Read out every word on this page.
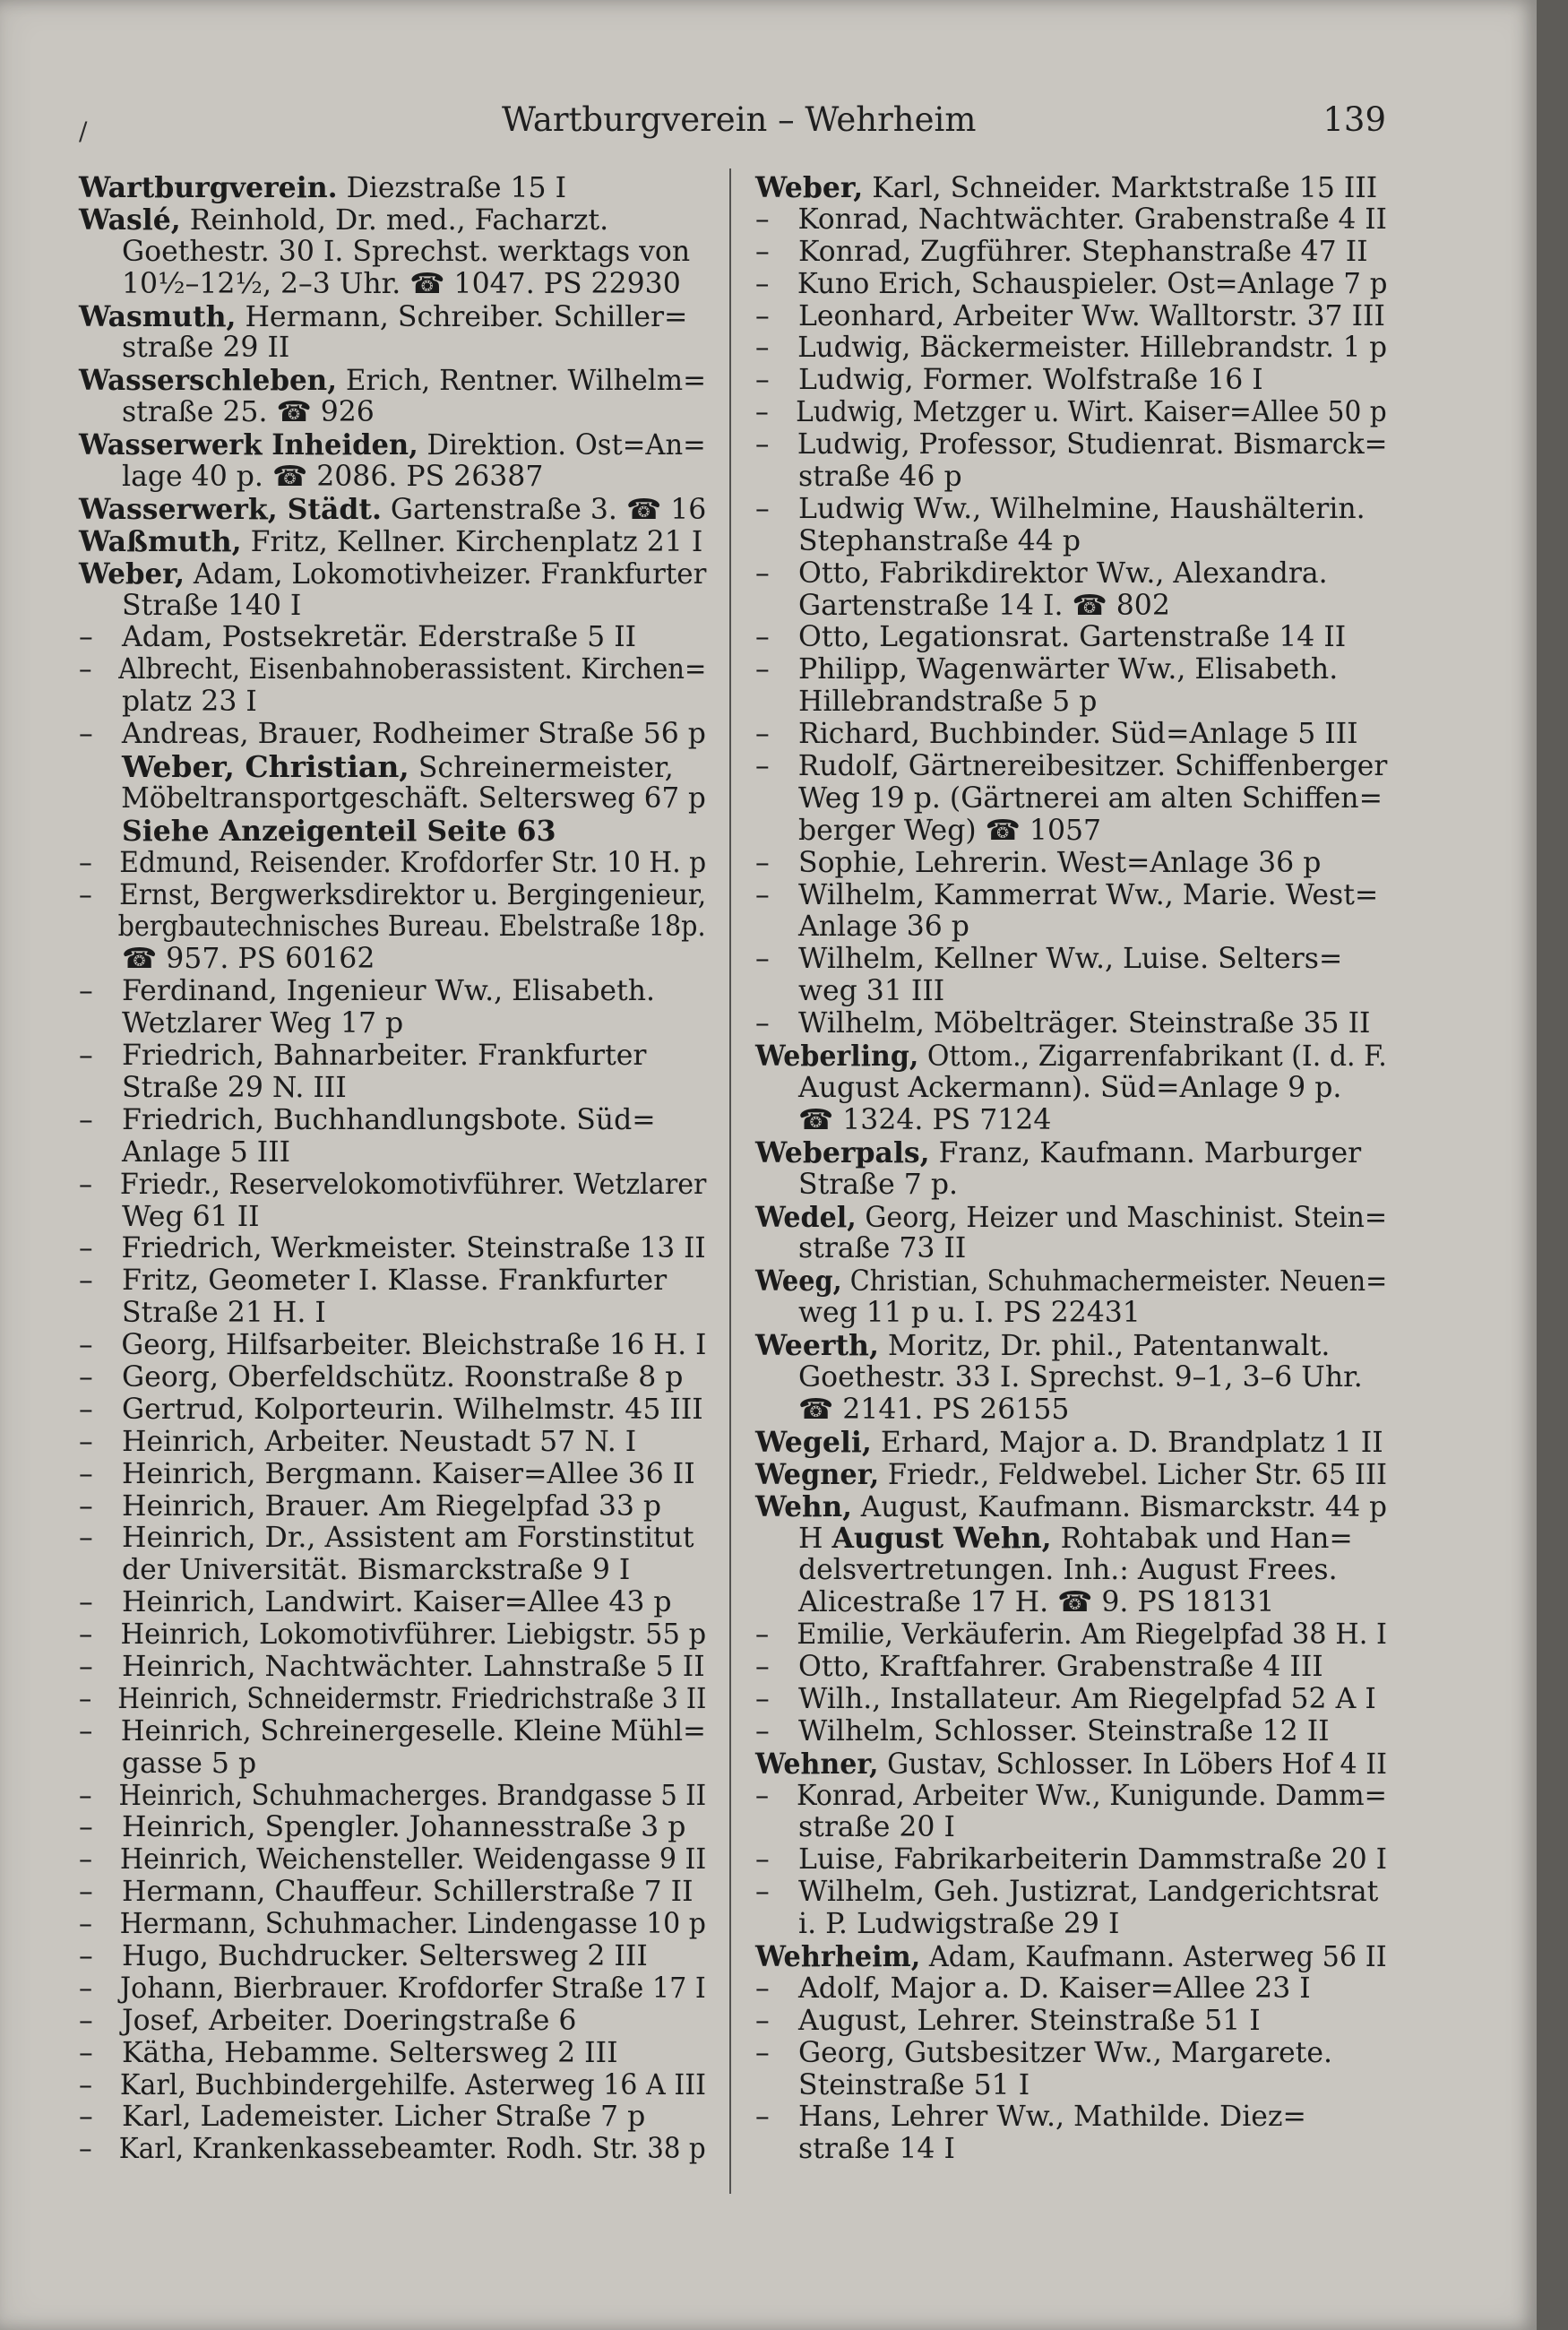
/	Wartburgverein – Wehrheim	139
Wartburgverein. Diezstraße 15 I
Waslé, Reinhold, Dr. med., Facharzt.
Goethestr. 30 I. Sprechst. werktags von
10½–12½, 2–3 Uhr. ☎ 1047. PS 22930
Wasmuth, Hermann, Schreiber. Schiller=
straße 29 II
Wasserschleben, Erich, Rentner. Wilhelm=
straße 25. ☎ 926
Wasserwerk Inheiden, Direktion. Ost=An=
lage 40 p. ☎ 2086. PS 26387
Wasserwerk, Städt. Gartenstraße 3. ☎ 16
Waßmuth, Fritz, Kellner. Kirchenplatz 21 I
Weber, Adam, Lokomotivheizer. Frankfurter
Straße 140 I
– Adam, Postsekretär. Ederstraße 5 II
– Albrecht, Eisenbahnoberassistent. Kirchen=
platz 23 I
– Andreas, Brauer, Rodheimer Straße 56 p
Weber, Christian, Schreinermeister,
Möbeltransportgeschäft. Seltersweg 67 p
Siehe Anzeigenteil Seite 63
– Edmund, Reisender. Krofdorfer Str. 10 H. p
– Ernst, Bergwerksdirektor u. Bergingenieur,
bergbautechnisches Bureau. Ebelstraße 18p.
☎ 957. PS 60162
– Ferdinand, Ingenieur Ww., Elisabeth.
Wetzlarer Weg 17 p
– Friedrich, Bahnarbeiter. Frankfurter
Straße 29 N. III
– Friedrich, Buchhandlungsbote. Süd=
Anlage 5 III
– Friedr., Reservelokomotivführer. Wetzlarer
Weg 61 II
– Friedrich, Werkmeister. Steinstraße 13 II
– Fritz, Geometer I. Klasse. Frankfurter
Straße 21 H. I
– Georg, Hilfsarbeiter. Bleichstraße 16 H. I
– Georg, Oberfeldschütz. Roonstraße 8 p
– Gertrud, Kolporteurin. Wilhelmstr. 45 III
– Heinrich, Arbeiter. Neustadt 57 N. I
– Heinrich, Bergmann. Kaiser=Allee 36 II
– Heinrich, Brauer. Am Riegelpfad 33 p
– Heinrich, Dr., Assistent am Forstinstitut
der Universität. Bismarckstraße 9 I
– Heinrich, Landwirt. Kaiser=Allee 43 p
– Heinrich, Lokomotivführer. Liebigstr. 55 p
– Heinrich, Nachtwächter. Lahnstraße 5 II
– Heinrich, Schneidermstr. Friedrichstraße 3 II
– Heinrich, Schreinergeselle. Kleine Mühl=
gasse 5 p
– Heinrich, Schuhmacherges. Brandgasse 5 II
– Heinrich, Spengler. Johannesstraße 3 p
– Heinrich, Weichensteller. Weidengasse 9 II
– Hermann, Chauffeur. Schillerstraße 7 II
– Hermann, Schuhmacher. Lindengasse 10 p
– Hugo, Buchdrucker. Seltersweg 2 III
– Johann, Bierbrauer. Krofdorfer Straße 17 I
– Josef, Arbeiter. Doeringstraße 6
– Kätha, Hebamme. Seltersweg 2 III
– Karl, Buchbindergehilfe. Asterweg 16 A III
– Karl, Lademeister. Licher Straße 7 p
– Karl, Krankenkassebeamter. Rodh. Str. 38 p
Weber, Karl, Schneider. Marktstraße 15 III
– Konrad, Nachtwächter. Grabenstraße 4 II
– Konrad, Zugführer. Stephanstraße 47 II
– Kuno Erich, Schauspieler. Ost=Anlage 7 p
– Leonhard, Arbeiter Ww. Walltorstr. 37 III
– Ludwig, Bäckermeister. Hillebrandstr. 1 p
– Ludwig, Former. Wolfstraße 16 I
– Ludwig, Metzger u. Wirt. Kaiser=Allee 50 p
– Ludwig, Professor, Studienrat. Bismarck=
straße 46 p
– Ludwig Ww., Wilhelmine, Haushälterin.
Stephanstraße 44 p
– Otto, Fabrikdirektor Ww., Alexandra.
Gartenstraße 14 I. ☎ 802
– Otto, Legationsrat. Gartenstraße 14 II
– Philipp, Wagenwärter Ww., Elisabeth.
Hillebrandstraße 5 p
– Richard, Buchbinder. Süd=Anlage 5 III
– Rudolf, Gärtnereibesitzer. Schiffenberger
Weg 19 p. (Gärtnerei am alten Schiffen=
berger Weg) ☎ 1057
– Sophie, Lehrerin. West=Anlage 36 p
– Wilhelm, Kammerrat Ww., Marie. West=
Anlage 36 p
– Wilhelm, Kellner Ww., Luise. Selters=
weg 31 III
– Wilhelm, Möbelträger. Steinstraße 35 II
Weberling, Ottom., Zigarrenfabrikant (I. d. F.
August Ackermann). Süd=Anlage 9 p.
☎ 1324. PS 7124
Weberpals, Franz, Kaufmann. Marburger
Straße 7 p.
Wedel, Georg, Heizer und Maschinist. Stein=
straße 73 II
Weeg, Christian, Schuhmachermeister. Neuen=
weg 11 p u. I. PS 22431
Weerth, Moritz, Dr. phil., Patentanwalt.
Goethestr. 33 I. Sprechst. 9–1, 3–6 Uhr.
☎ 2141. PS 26155
Wegeli, Erhard, Major a. D. Brandplatz 1 II
Wegner, Friedr., Feldwebel. Licher Str. 65 III
Wehn, August, Kaufmann. Bismarckstr. 44 p
H August Wehn, Rohtabak und Han=
delsvertretungen. Inh.: August Frees.
Alicestraße 17 H. ☎ 9. PS 18131
– Emilie, Verkäuferin. Am Riegelpfad 38 H. I
– Otto, Kraftfahrer. Grabenstraße 4 III
– Wilh., Installateur. Am Riegelpfad 52 A I
– Wilhelm, Schlosser. Steinstraße 12 II
Wehner, Gustav, Schlosser. In Löbers Hof 4 II
– Konrad, Arbeiter Ww., Kunigunde. Damm=
straße 20 I
– Luise, Fabrikarbeiterin Dammstraße 20 I
– Wilhelm, Geh. Justizrat, Landgerichtsrat
i. P. Ludwigstraße 29 I
Wehrheim, Adam, Kaufmann. Asterweg 56 II
– Adolf, Major a. D. Kaiser=Allee 23 I
– August, Lehrer. Steinstraße 51 I
– Georg, Gutsbesitzer Ww., Margarete.
Steinstraße 51 I
– Hans, Lehrer Ww., Mathilde. Diez=
straße 14 I
